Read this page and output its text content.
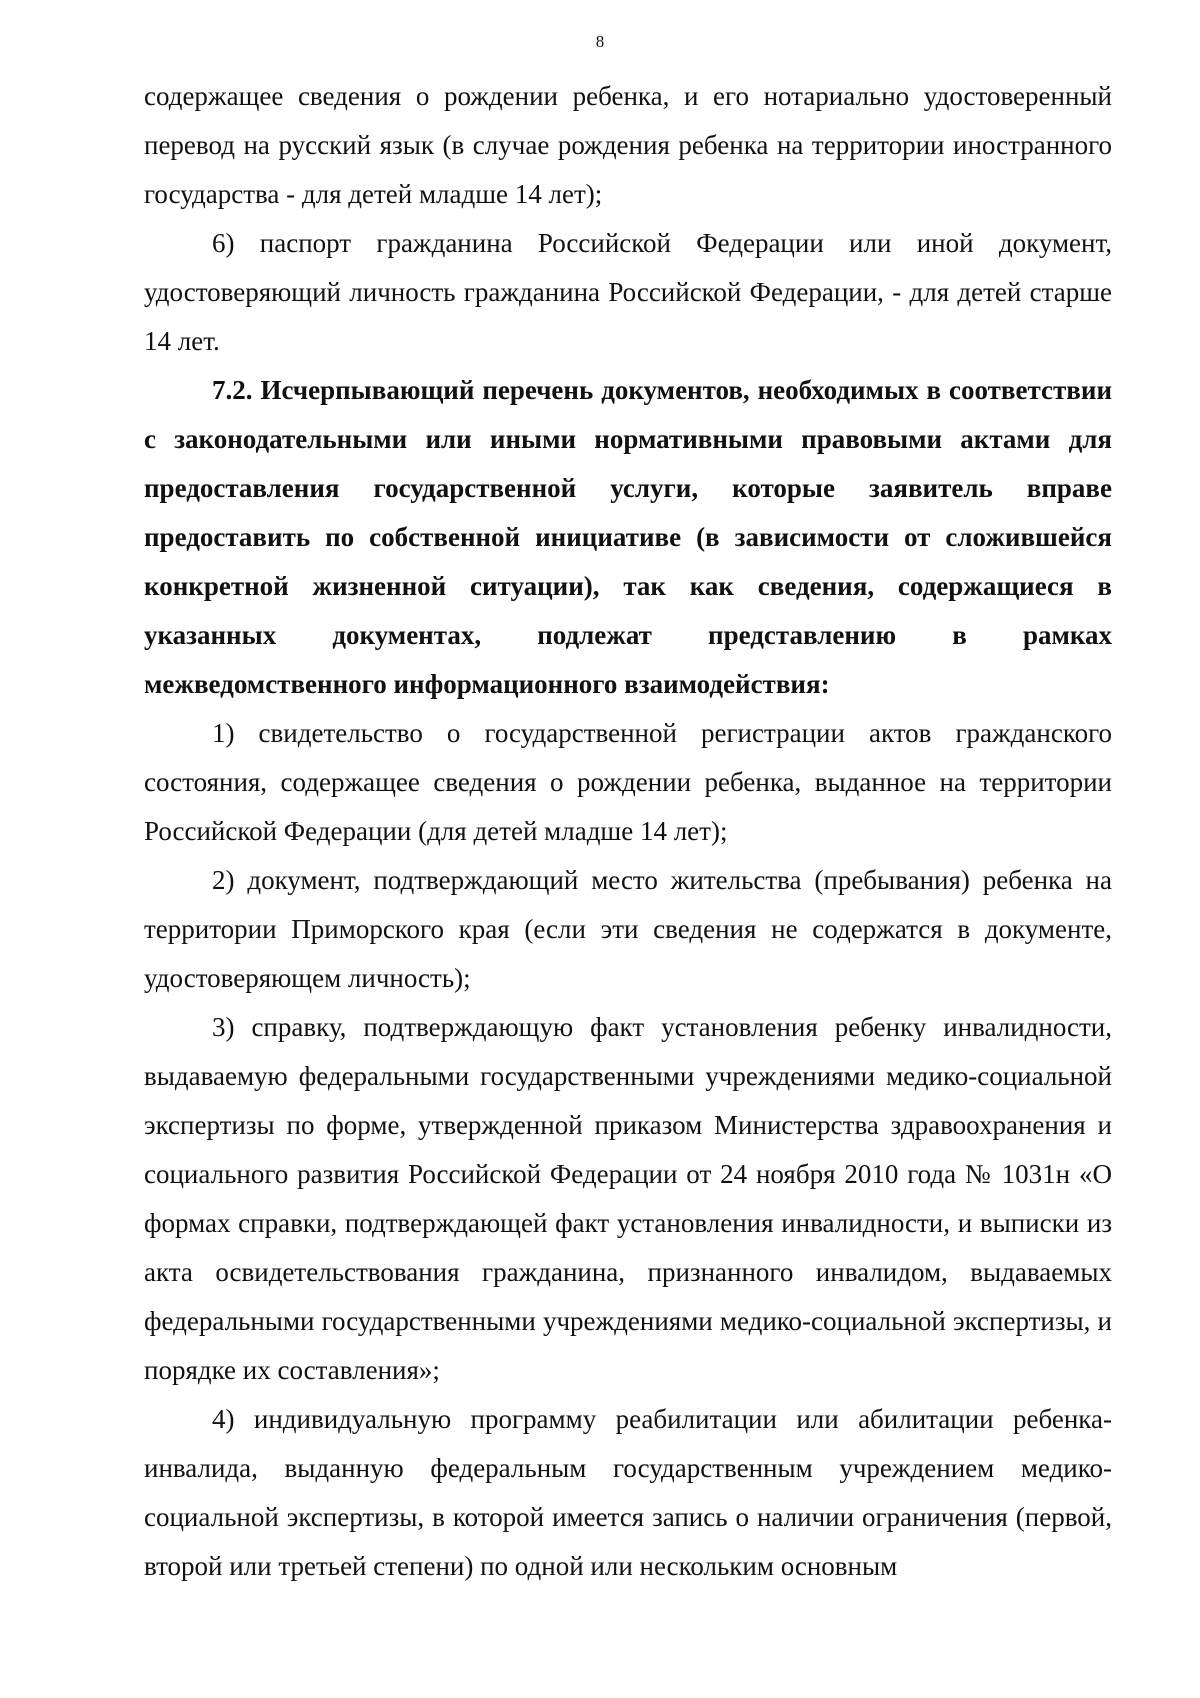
8

содержащее сведения о рождении ребенка, и его нотариально удостоверенный перевод на русский язык (в случае рождения ребенка на территории иностранного государства - для детей младше 14 лет);

6) паспорт гражданина Российской Федерации или иной документ, удостоверяющий личность гражданина Российской Федерации, - для детей старше 14 лет.

7.2. Исчерпывающий перечень документов, необходимых в соответствии с законодательными или иными нормативными правовыми актами для предоставления государственной услуги, которые заявитель вправе предоставить по собственной инициативе (в зависимости от сложившейся конкретной жизненной ситуации), так как сведения, содержащиеся в указанных документах, подлежат представлению в рамках межведомственного информационного взаимодействия:

1) свидетельство о государственной регистрации актов гражданского состояния, содержащее сведения о рождении ребенка, выданное на территории Российской Федерации (для детей младше 14 лет);

2) документ, подтверждающий место жительства (пребывания) ребенка на территории Приморского края (если эти сведения не содержатся в документе, удостоверяющем личность);

3) справку, подтверждающую факт установления ребенку инвалидности, выдаваемую федеральными государственными учреждениями медико-социальной экспертизы по форме, утвержденной приказом Министерства здравоохранения и социального развития Российской Федерации от 24 ноября 2010 года № 1031н «О формах справки, подтверждающей факт установления инвалидности, и выписки из акта освидетельствования гражданина, признанного инвалидом, выдаваемых федеральными государственными учреждениями медико-социальной экспертизы, и порядке их составления»;

4) индивидуальную программу реабилитации или абилитации ребенка-инвалида, выданную федеральным государственным учреждением медико-социальной экспертизы, в которой имеется запись о наличии ограничения (первой, второй или третьей степени) по одной или нескольким основным
